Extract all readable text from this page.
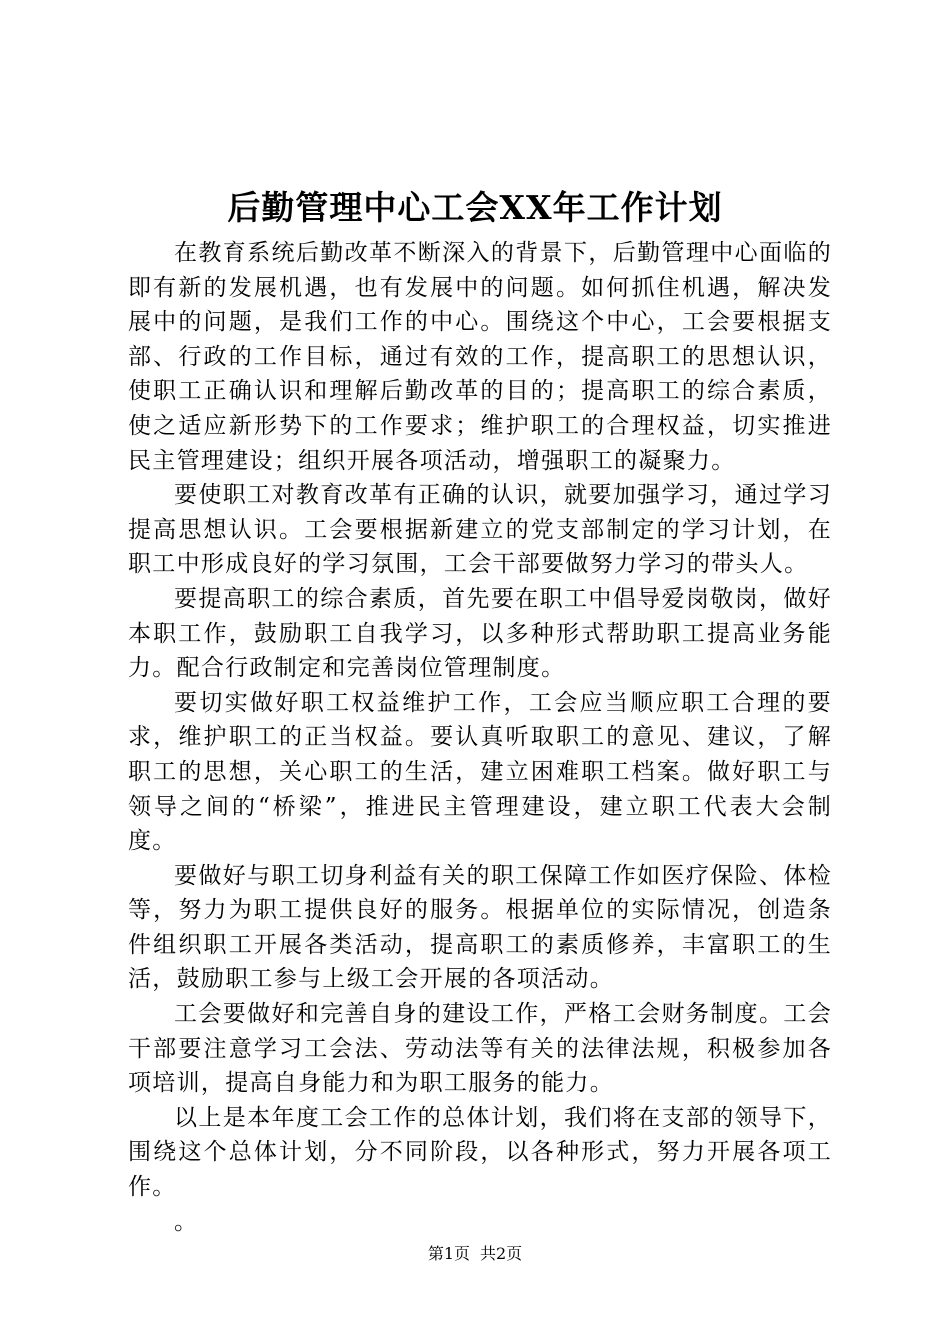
后勤管理中心工会XX年工作计划

在教育系统后勤改革不断深入的背景下，后勤管理中心面临的即有新的发展机遇，也有发展中的问题。如何抓住机遇，解决发展中的问题，是我们工作的中心。围绕这个中心，工会要根据支部、行政的工作目标，通过有效的工作，提高职工的思想认识，使职工正确认识和理解后勤改革的目的；提高职工的综合素质，使之适应新形势下的工作要求；维护职工的合理权益，切实推进民主管理建设；组织开展各项活动，增强职工的凝聚力。

要使职工对教育改革有正确的认识，就要加强学习，通过学习提高思想认识。工会要根据新建立的党支部制定的学习计划，在职工中形成良好的学习氛围，工会干部要做努力学习的带头人。

要提高职工的综合素质，首先要在职工中倡导爱岗敬岗，做好本职工作，鼓励职工自我学习，以多种形式帮助职工提高业务能力。配合行政制定和完善岗位管理制度。

要切实做好职工权益维护工作，工会应当顺应职工合理的要求，维护职工的正当权益。要认真听取职工的意见、建议，了解职工的思想，关心职工的生活，建立困难职工档案。做好职工与领导之间的“桥梁”，推进民主管理建设，建立职工代表大会制度。

要做好与职工切身利益有关的职工保障工作如医疗保险、体检等，努力为职工提供良好的服务。根据单位的实际情况，创造条件组织职工开展各类活动，提高职工的素质修养，丰富职工的生活，鼓励职工参与上级工会开展的各项活动。

工会要做好和完善自身的建设工作，严格工会财务制度。工会干部要注意学习工会法、劳动法等有关的法律法规，积极参加各项培训，提高自身能力和为职工服务的能力。

以上是本年度工会工作的总体计划，我们将在支部的领导下，围绕这个总体计划，分不同阶段，以各种形式，努力开展各项工作。

。

第1页 共2页
